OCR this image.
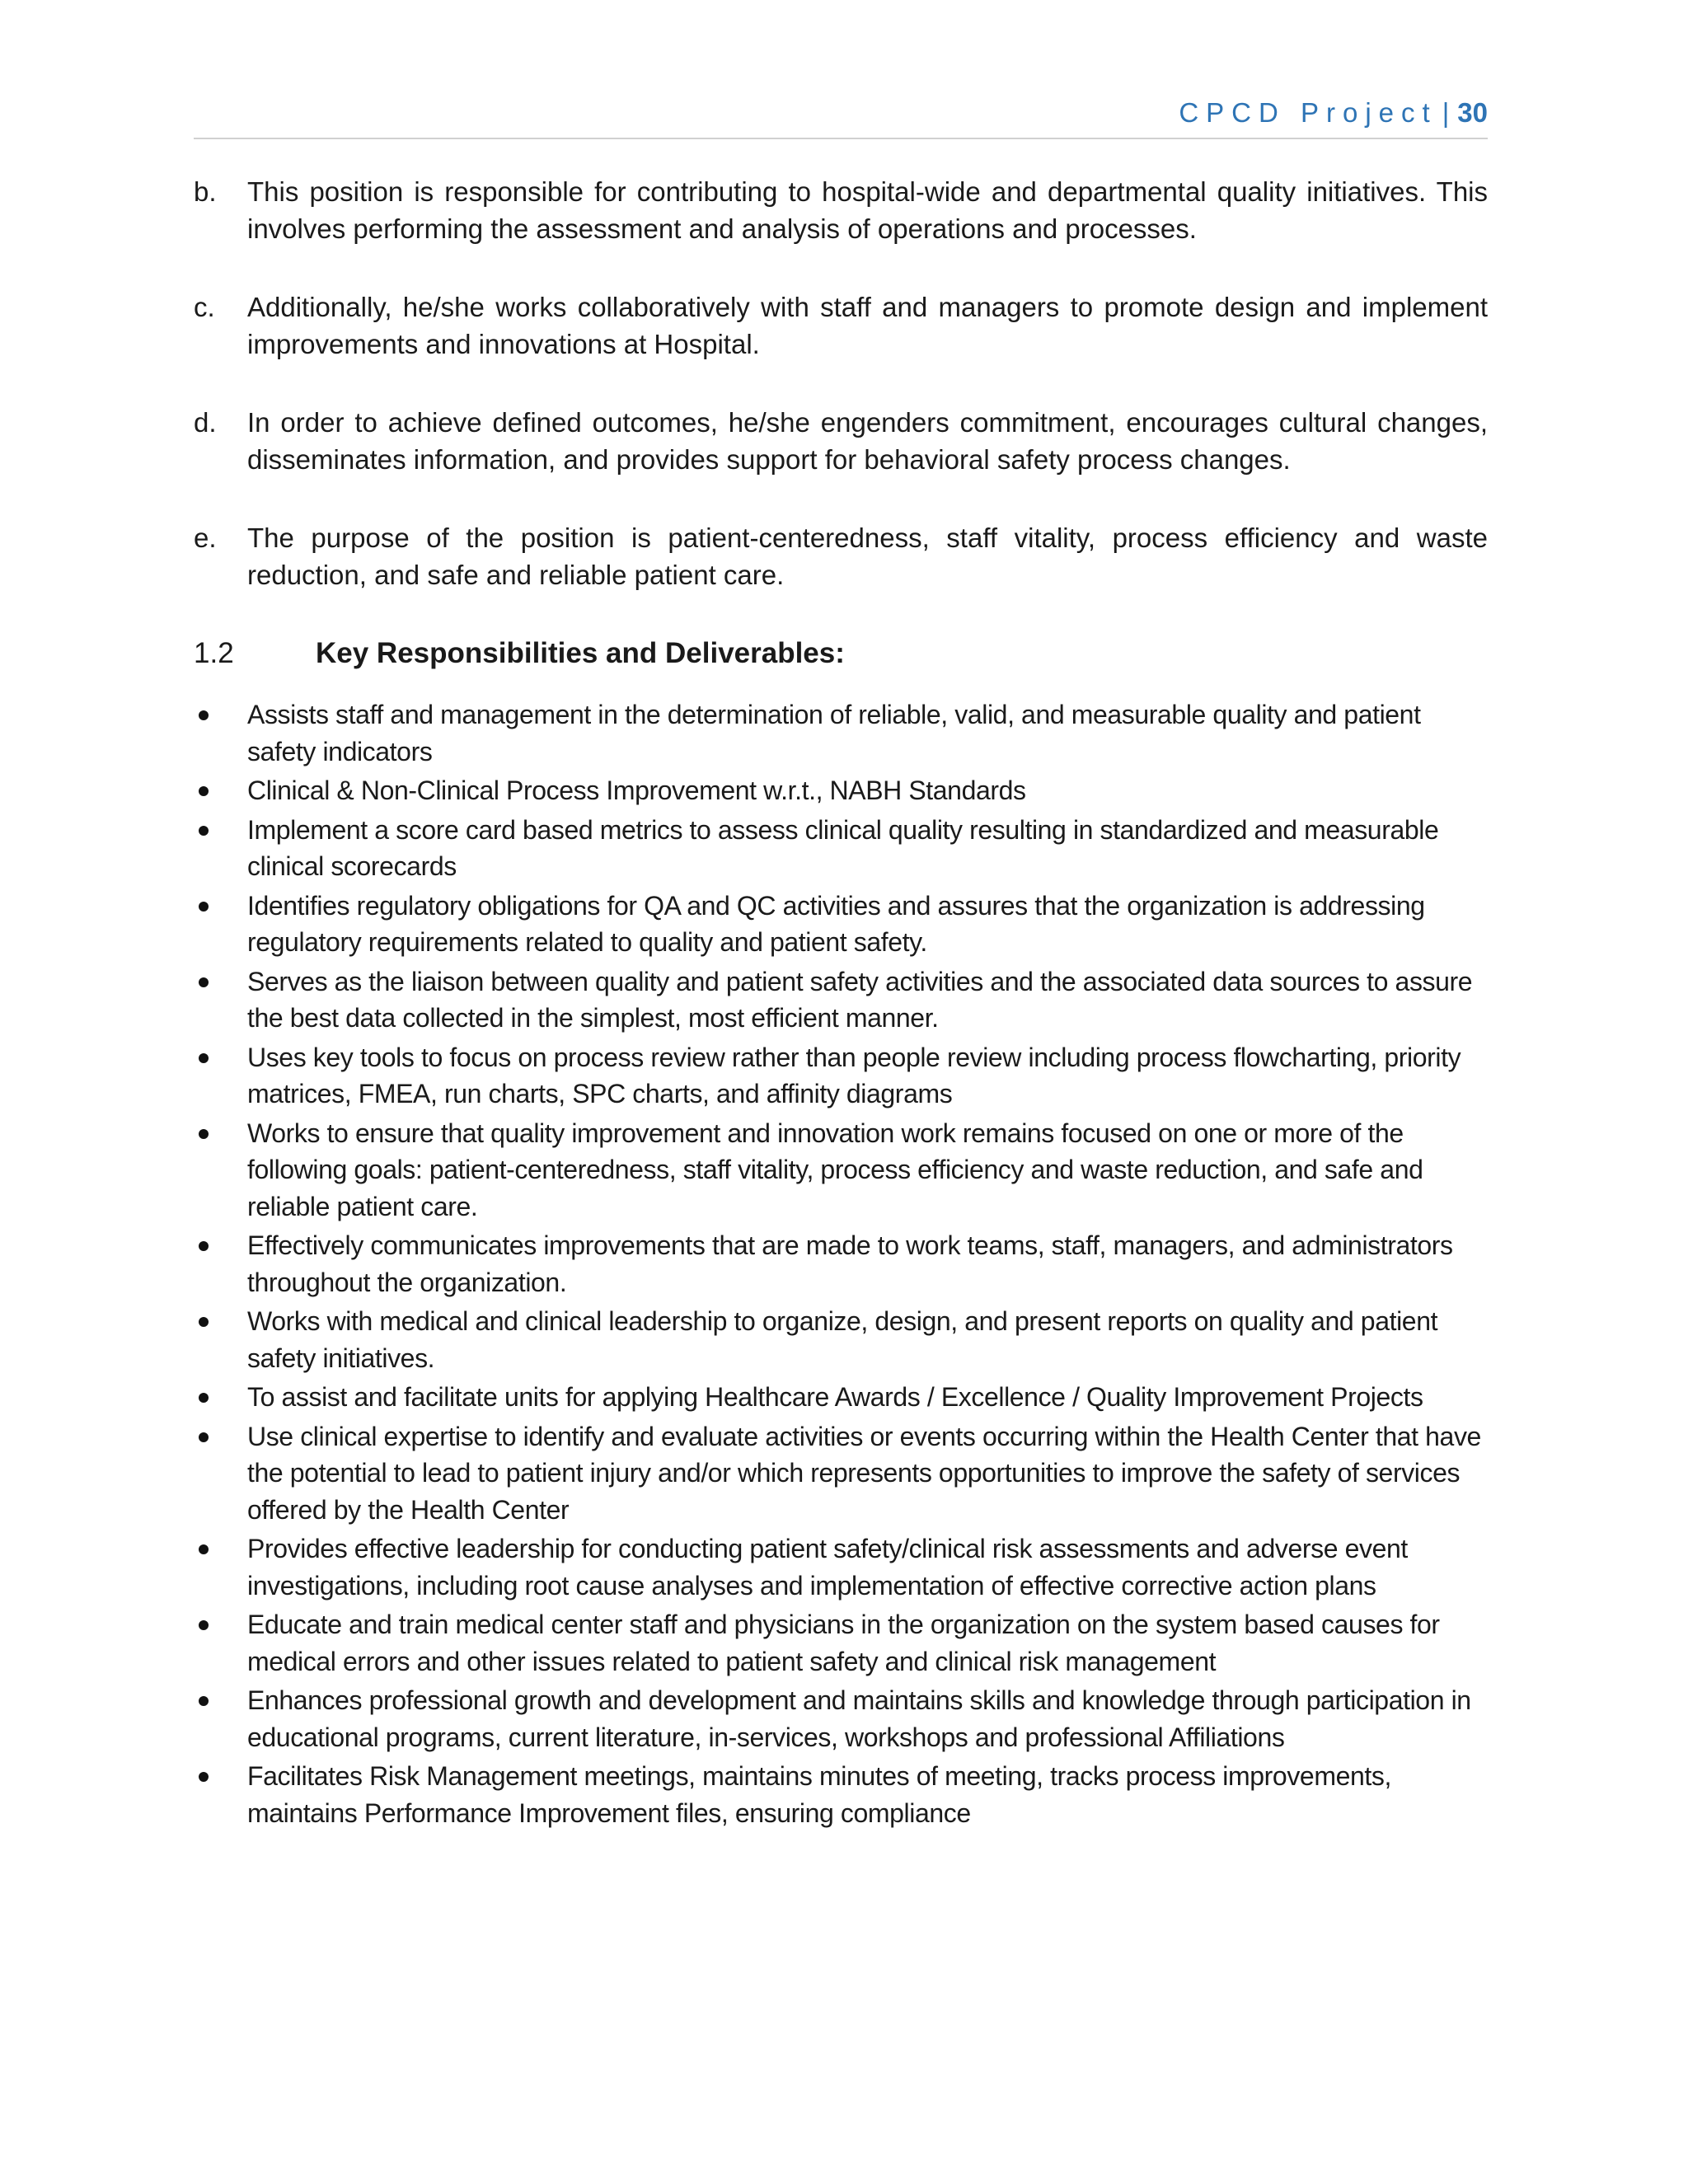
CPCD Project | 30
b. This position is responsible for contributing to hospital-wide and departmental quality initiatives. This involves performing the assessment and analysis of operations and processes.
c. Additionally, he/she works collaboratively with staff and managers to promote design and implement improvements and innovations at Hospital.
d. In order to achieve defined outcomes, he/she engenders commitment, encourages cultural changes, disseminates information, and provides support for behavioral safety process changes.
e. The purpose of the position is patient-centeredness, staff vitality, process efficiency and waste reduction, and safe and reliable patient care.
1.2	Key Responsibilities and Deliverables:
Assists staff and management in the determination of reliable, valid, and measurable quality and patient safety indicators
Clinical & Non-Clinical Process Improvement w.r.t., NABH Standards
Implement a score card based metrics to assess clinical quality resulting in standardized and measurable clinical scorecards
Identifies regulatory obligations for QA and QC activities and assures that the organization is addressing regulatory requirements related to quality and patient safety.
Serves as the liaison between quality and patient safety activities and the associated data sources to assure the best data collected in the simplest, most efficient manner.
Uses key tools to focus on process review rather than people review including process flowcharting, priority matrices, FMEA, run charts, SPC charts, and affinity diagrams
Works to ensure that quality improvement and innovation work remains focused on one or more of the following goals: patient-centeredness, staff vitality, process efficiency and waste reduction, and safe and reliable patient care.
Effectively communicates improvements that are made to work teams, staff, managers, and administrators throughout the organization.
Works with medical and clinical leadership to organize, design, and present reports on quality and patient safety initiatives.
To assist and facilitate units for applying Healthcare Awards / Excellence / Quality Improvement Projects
Use clinical expertise to identify and evaluate activities or events occurring within the Health Center that have the potential to lead to patient injury and/or which represents opportunities to improve the safety of services offered by the Health Center
Provides effective leadership for conducting patient safety/clinical risk assessments and adverse event investigations, including root cause analyses and implementation of effective corrective action plans
Educate and train medical center staff and physicians in the organization on the system based causes for medical errors and other issues related to patient safety and clinical risk management
Enhances professional growth and development and maintains skills and knowledge through participation in educational programs, current literature, in-services, workshops and professional Affiliations
Facilitates Risk Management meetings, maintains minutes of meeting, tracks process improvements, maintains Performance Improvement files, ensuring compliance
